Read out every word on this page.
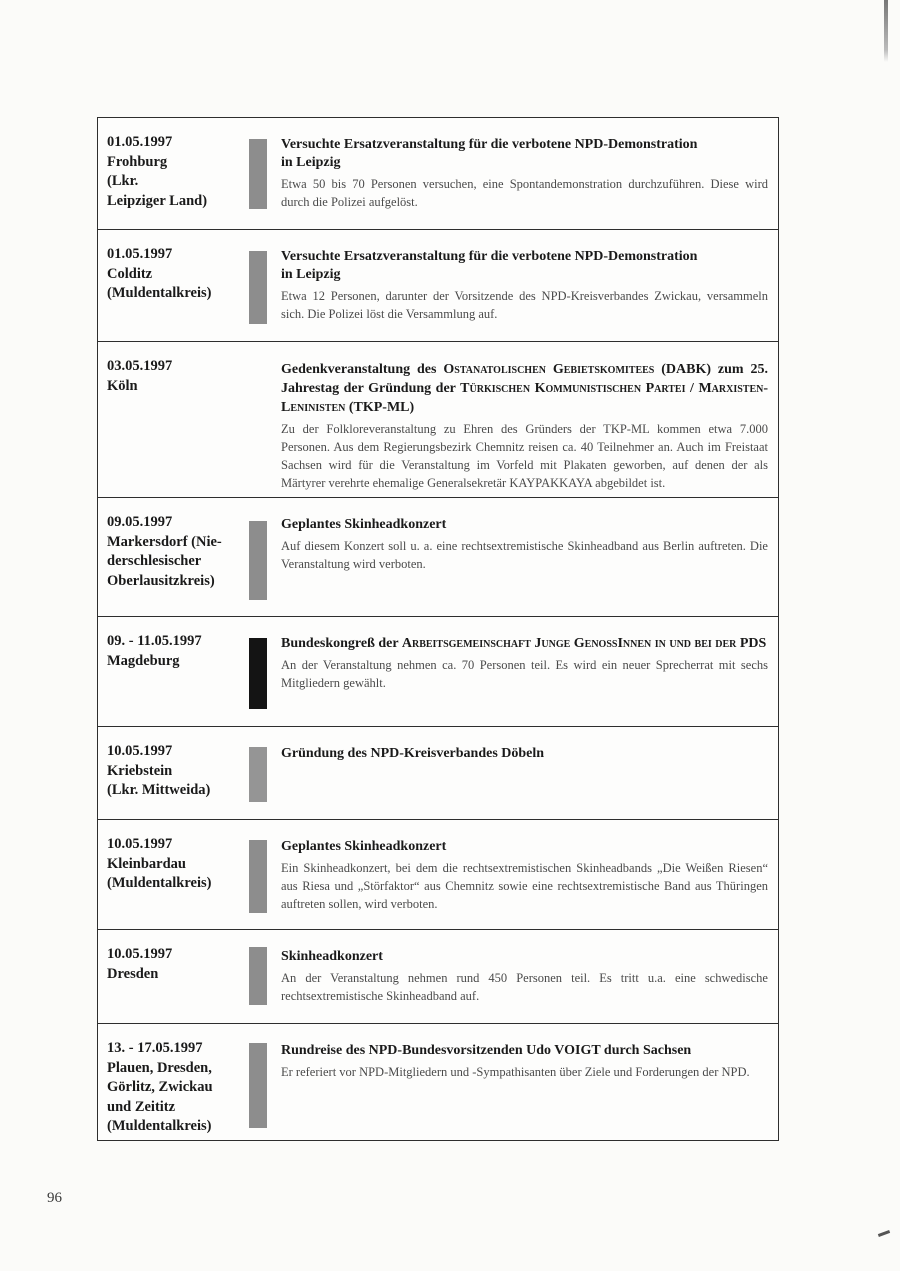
01.05.1997
Frohburg
(Lkr.
Leipziger Land)
Versuchte Ersatzveranstaltung für die verbotene NPD-Demonstration
in Leipzig

Etwa 50 bis 70 Personen versuchen, eine Spontandemonstration durchzuführen. Diese wird durch die Polizei aufgelöst.

01.05.1997
Colditz
(Muldentalkreis)
Versuchte Ersatzveranstaltung für die verbotene NPD-Demonstration
in Leipzig

Etwa 12 Personen, darunter der Vorsitzende des NPD-Kreisverbandes Zwickau, versammeln sich. Die Polizei löst die Versammlung auf.

03.05.1997
Köln
Gedenkveranstaltung des Ostanatolischen Gebietskomitees (DABK) zum 25. Jahrestag der Gründung der Türkischen Kommunistischen Partei / Marxisten-Leninisten (TKP-ML)

Zu der Folkloreveranstaltung zu Ehren des Gründers der TKP-ML kommen etwa 7.000 Personen. Aus dem Regierungsbezirk Chemnitz reisen ca. 40 Teilnehmer an. Auch im Freistaat Sachsen wird für die Veranstaltung im Vorfeld mit Plakaten geworben, auf denen der als Märtyrer verehrte ehemalige Generalsekretär KAYPAKKAYA abgebildet ist.

09.05.1997
Markersdorf (Nie-
derschlesischer
Oberlausitzkreis)
Geplantes Skinheadkonzert

Auf diesem Konzert soll u. a. eine rechtsextremistische Skinheadband aus Berlin auftreten. Die Veranstaltung wird verboten.

09. - 11.05.1997
Magdeburg
Bundeskongreß der Arbeitsgemeinschaft Junge GenossInnen in und bei der PDS

An der Veranstaltung nehmen ca. 70 Personen teil. Es wird ein neuer Sprecherrat mit sechs Mitgliedern gewählt.

10.05.1997
Kriebstein
(Lkr. Mittweida)
Gründung des NPD-Kreisverbandes Döbeln
10.05.1997
Kleinbardau
(Muldentalkreis)
Geplantes Skinheadkonzert

Ein Skinheadkonzert, bei dem die rechtsextremistischen Skinheadbands „Die Weißen Riesen“ aus Riesa und „Störfaktor“ aus Chemnitz sowie eine rechtsextremistische Band aus Thüringen auftreten sollen, wird verboten.

10.05.1997
Dresden
Skinheadkonzert

An der Veranstaltung nehmen rund 450 Personen teil. Es tritt u.a. eine schwedische rechtsextremistische Skinheadband auf.

13. - 17.05.1997
Plauen, Dresden,
Görlitz, Zwickau
und Zeititz
(Muldentalkreis)
Rundreise des NPD-Bundesvorsitzenden Udo VOIGT durch Sachsen

Er referiert vor NPD-Mitgliedern und -Sympathisanten über Ziele und Forderungen der NPD.

96
